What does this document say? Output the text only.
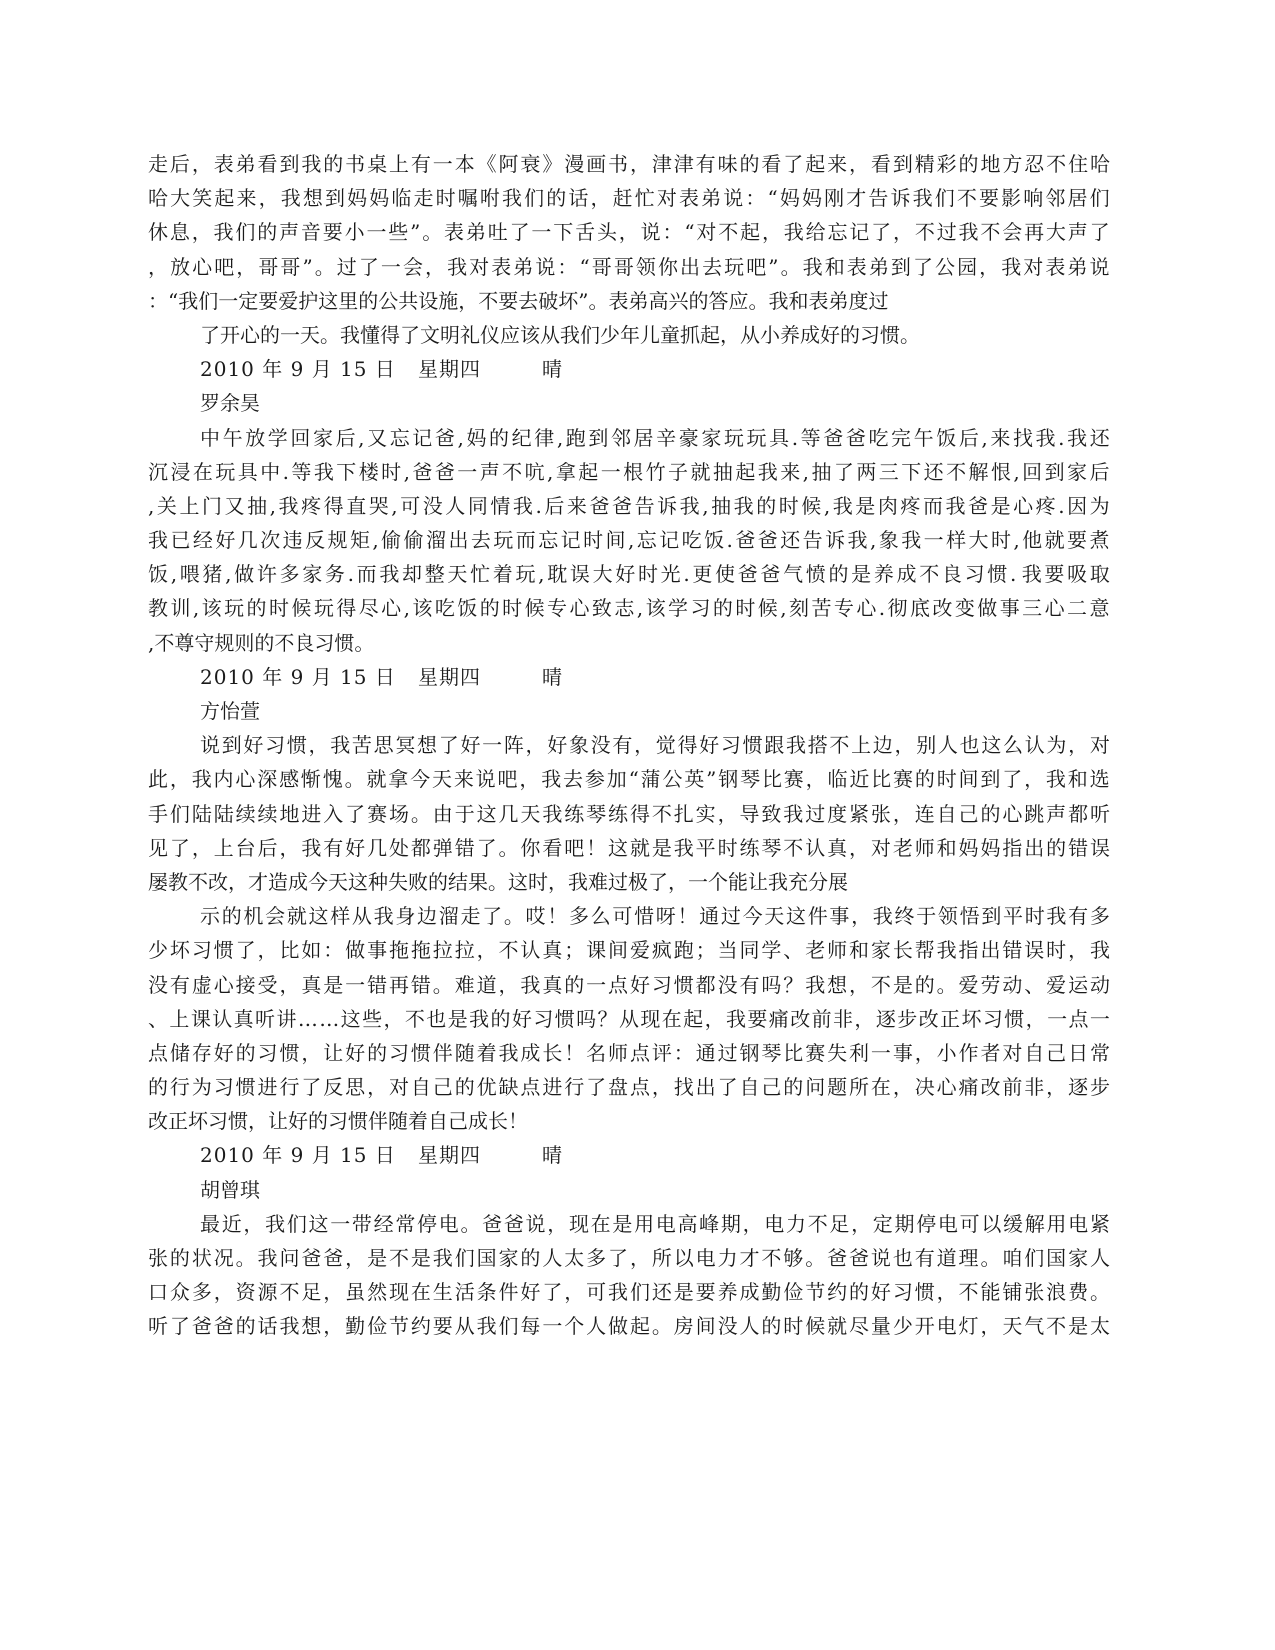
走 后 ， 表 弟 看 到 我 的 书 桌 上 有 一 本 《 阿 衰 》 漫 画 书 ， 津 津 有 味 的 看 了 起 来 ， 看 到 精 彩 的 地 方 忍 不 住 哈
哈 大 笑 起 来 ， 我 想 到 妈 妈 临 走 时 嘱 咐 我 们 的 话 ， 赶 忙 对 表 弟 说 ： “ 妈 妈 刚 才 告 诉 我 们 不 要 影 响 邻 居 们
休 息 ， 我 们 的 声 音 要 小 一 些 ” 。 表 弟 吐 了 一 下 舌 头 ， 说 ： “ 对 不 起 ， 我 给 忘 记 了 ， 不 过 我 不 会 再 大 声 了
， 放 心 吧 ， 哥 哥 ” 。 过 了 一 会 ， 我 对 表 弟 说 ： “ 哥 哥 领 你 出 去 玩 吧 ” 。 我 和 表 弟 到 了 公 园 ， 我 对 表 弟 说
：“我们一定要爱护这里的公共设施，不要去破坏”。表弟高兴的答应。我和表弟度过
了开心的一天。我懂得了文明礼仪应该从我们少年儿童抓起，从小养成好的习惯。
2010 年 9 月 15 日	星期四	晴
罗余昊
中 午 放 学 回 家 后 , 又 忘 记 爸 , 妈 的 纪 律 , 跑 到 邻 居 辛 豪 家 玩 玩 具 . 等 爸 爸 吃 完 午 饭 后 , 来 找 我 . 我 还
沉 浸 在 玩 具 中 . 等 我 下 楼 时 , 爸 爸 一 声 不 吭 , 拿 起 一 根 竹 子 就 抽 起 我 来 , 抽 了 两 三 下 还 不 解 恨 , 回 到 家 后
, 关 上 门 又 抽 , 我 疼 得 直 哭 , 可 没 人 同 情 我 . 后 来 爸 爸 告 诉 我 , 抽 我 的 时 候 , 我 是 肉 疼 而 我 爸 是 心 疼 . 因 为
我 已 经 好 几 次 违 反 规 矩 , 偷 偷 溜 出 去 玩 而 忘 记 时 间 , 忘 记 吃 饭 . 爸 爸 还 告 诉 我 , 象 我 一 样 大 时 , 他 就 要 煮
饭 , 喂 猪 , 做 许 多 家 务 . 而 我 却 整 天 忙 着 玩 , 耽 误 大 好 时 光 . 更 使 爸 爸 气 愤 的 是 养 成 不 良 习 惯 . 我 要 吸 取
教 训 , 该 玩 的 时 候 玩 得 尽 心 , 该 吃 饭 的 时 候 专 心 致 志 , 该 学 习 的 时 候 , 刻 苦 专 心 . 彻 底 改 变 做 事 三 心 二 意
,不尊守规则的不良习惯。
2010 年 9 月 15 日	星期四	晴
方怡萱
说 到 好 习 惯 ， 我 苦 思 冥 想 了 好 一 阵 ， 好 象 没 有 ， 觉 得 好 习 惯 跟 我 搭 不 上 边 ， 别 人 也 这 么 认 为 ， 对
此 ， 我 内 心 深 感 惭 愧 。 就 拿 今 天 来 说 吧 ， 我 去 参 加 “ 蒲 公 英 ” 钢 琴 比 赛 ， 临 近 比 赛 的 时 间 到 了 ， 我 和 选
手 们 陆 陆 续 续 地 进 入 了 赛 场 。 由 于 这 几 天 我 练 琴 练 得 不 扎 实 ， 导 致 我 过 度 紧 张 ， 连 自 己 的 心 跳 声 都 听
见 了 ， 上 台 后 ， 我 有 好 几 处 都 弹 错 了 。 你 看 吧 ！ 这 就 是 我 平 时 练 琴 不 认 真 ， 对 老 师 和 妈 妈 指 出 的 错 误
屡教不改，才造成今天这种失败的结果。这时，我难过极了，一个能让我充分展
示 的 机 会 就 这 样 从 我 身 边 溜 走 了 。 哎 ！ 多 么 可 惜 呀 ！ 通 过 今 天 这 件 事 ， 我 终 于 领 悟 到 平 时 我 有 多
少 坏 习 惯 了 ， 比 如 ： 做 事 拖 拖 拉 拉 ， 不 认 真 ； 课 间 爱 疯 跑 ； 当 同 学 、 老 师 和 家 长 帮 我 指 出 错 误 时 ， 我
没 有 虚 心 接 受 ， 真 是 一 错 再 错 。 难 道 ， 我 真 的 一 点 好 习 惯 都 没 有 吗 ？ 我 想 ， 不 是 的 。 爱 劳 动 、 爱 运 动
、 上 课 认 真 听 讲 … … 这 些 ， 不 也 是 我 的 好 习 惯 吗 ？ 从 现 在 起 ， 我 要 痛 改 前 非 ， 逐 步 改 正 坏 习 惯 ， 一 点 一
点 储 存 好 的 习 惯 ， 让 好 的 习 惯 伴 随 着 我 成 长 ！ 名 师 点 评 ： 通 过 钢 琴 比 赛 失 利 一 事 ， 小 作 者 对 自 己 日 常
的 行 为 习 惯 进 行 了 反 思 ， 对 自 己 的 优 缺 点 进 行 了 盘 点 ， 找 出 了 自 己 的 问 题 所 在 ， 决 心 痛 改 前 非 ， 逐 步
改正坏习惯，让好的习惯伴随着自己成长！
2010 年 9 月 15 日	星期四	晴
胡曾琪
最 近 ， 我 们 这 一 带 经 常 停 电 。 爸 爸 说 ， 现 在 是 用 电 高 峰 期 ， 电 力 不 足 ， 定 期 停 电 可 以 缓 解 用 电 紧
张 的 状 况 。 我 问 爸 爸 ， 是 不 是 我 们 国 家 的 人 太 多 了 ， 所 以 电 力 才 不 够 。 爸 爸 说 也 有 道 理 。 咱 们 国 家 人
口 众 多 ， 资 源 不 足 ， 虽 然 现 在 生 活 条 件 好 了 ， 可 我 们 还 是 要 养 成 勤 俭 节 约 的 好 习 惯 ， 不 能 铺 张 浪 费 。
听 了 爸 爸 的 话 我 想 ， 勤 俭 节 约 要 从 我 们 每 一 个 人 做 起 。 房 间 没 人 的 时 候 就 尽 量 少 开 电 灯 ， 天 气 不 是 太
